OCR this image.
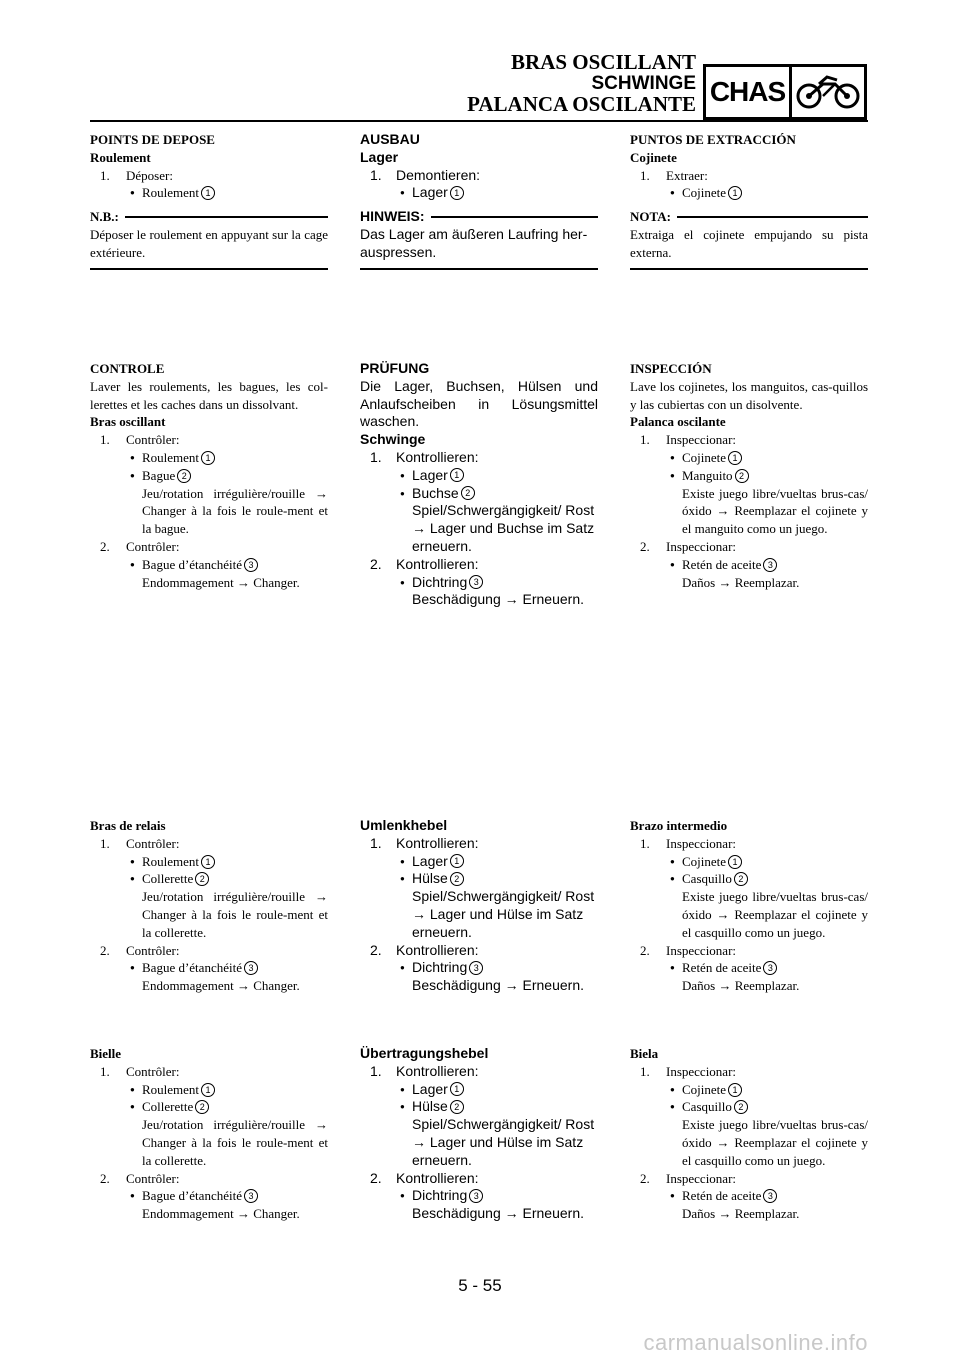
BRAS OSCILLANT
SCHWINGE
PALANCA OSCILANTE CHAS
POINTS DE DEPOSE
Roulement
1.	Déposer:
● Roulement 1
N.B.:
Déposer le roulement en appuyant sur la cage extérieure.
CONTROLE
Laver les roulements, les bagues, les col-lerettes et les caches dans un dissolvant.
Bras oscillant
1.	Contrôler:
● Roulement 1
● Bague 2
Jeu/rotation irrégulière/rouille → Changer à la fois le roule-ment et la bague.
2.	Contrôler:
● Bague d’étanchéité 3
Endommagement → Changer.
Bras de relais
1.	Contrôler:
● Roulement 1
● Collerette 2
Jeu/rotation irrégulière/rouille → Changer à la fois le roule-ment et la collerette.
2.	Contrôler:
● Bague d’étanchéité 3
Endommagement → Changer.
Bielle
1.	Contrôler:
● Roulement 1
● Collerette 2
Jeu/rotation irrégulière/rouille → Changer à la fois le roule-ment et la collerette.
2.	Contrôler:
● Bague d’étanchéité 3
Endommagement → Changer.
AUSBAU
Lager
1.	Demontieren:
● Lager 1
HINWEIS:
Das Lager am äußeren Laufring her-auspressen.
PRÜFUNG
Die Lager, Buchsen, Hülsen und Anlaufscheiben in Lösungsmittel waschen.
Schwinge
1.	Kontrollieren:
● Lager 1
● Buchse 2
Spiel/Schwergängigkeit/ Rost → Lager und Buchse im Satz erneuern.
2.	Kontrollieren:
● Dichtring 3
Beschädigung → Erneuern.
Umlenkhebel
1.	Kontrollieren:
● Lager 1
● Hülse 2
Spiel/Schwergängigkeit/ Rost → Lager und Hülse im Satz erneuern.
2.	Kontrollieren:
● Dichtring 3
Beschädigung → Erneuern.
Übertragungshebel
1.	Kontrollieren:
● Lager 1
● Hülse 2
Spiel/Schwergängigkeit/ Rost → Lager und Hülse im Satz erneuern.
2.	Kontrollieren:
● Dichtring 3
Beschädigung → Erneuern.
PUNTOS DE EXTRACCIÓN
Cojinete
1.	Extraer:
● Cojinete 1
NOTA:
Extraiga el cojinete empujando su pista externa.
INSPECCIÓN
Lave los cojinetes, los manguitos, cas-quillos y las cubiertas con un disolvente.
Palanca oscilante
1.	Inspeccionar:
● Cojinete 1
● Manguito 2
Existe juego libre/vueltas brus-cas/óxido → Reemplazar el cojinete y el manguito como un juego.
2.	Inspeccionar:
● Retén de aceite 3
Daños → Reemplazar.
Brazo intermedio
1.	Inspeccionar:
● Cojinete 1
● Casquillo 2
Existe juego libre/vueltas brus-cas/óxido → Reemplazar el cojinete y el casquillo como un juego.
2.	Inspeccionar:
● Retén de aceite 3
Daños → Reemplazar.
Biela
1.	Inspeccionar:
● Cojinete 1
● Casquillo 2
Existe juego libre/vueltas brus-cas/óxido → Reemplazar el cojinete y el casquillo como un juego.
2.	Inspeccionar:
● Retén de aceite 3
Daños → Reemplazar.
5 - 55
carmanualsonline.info
